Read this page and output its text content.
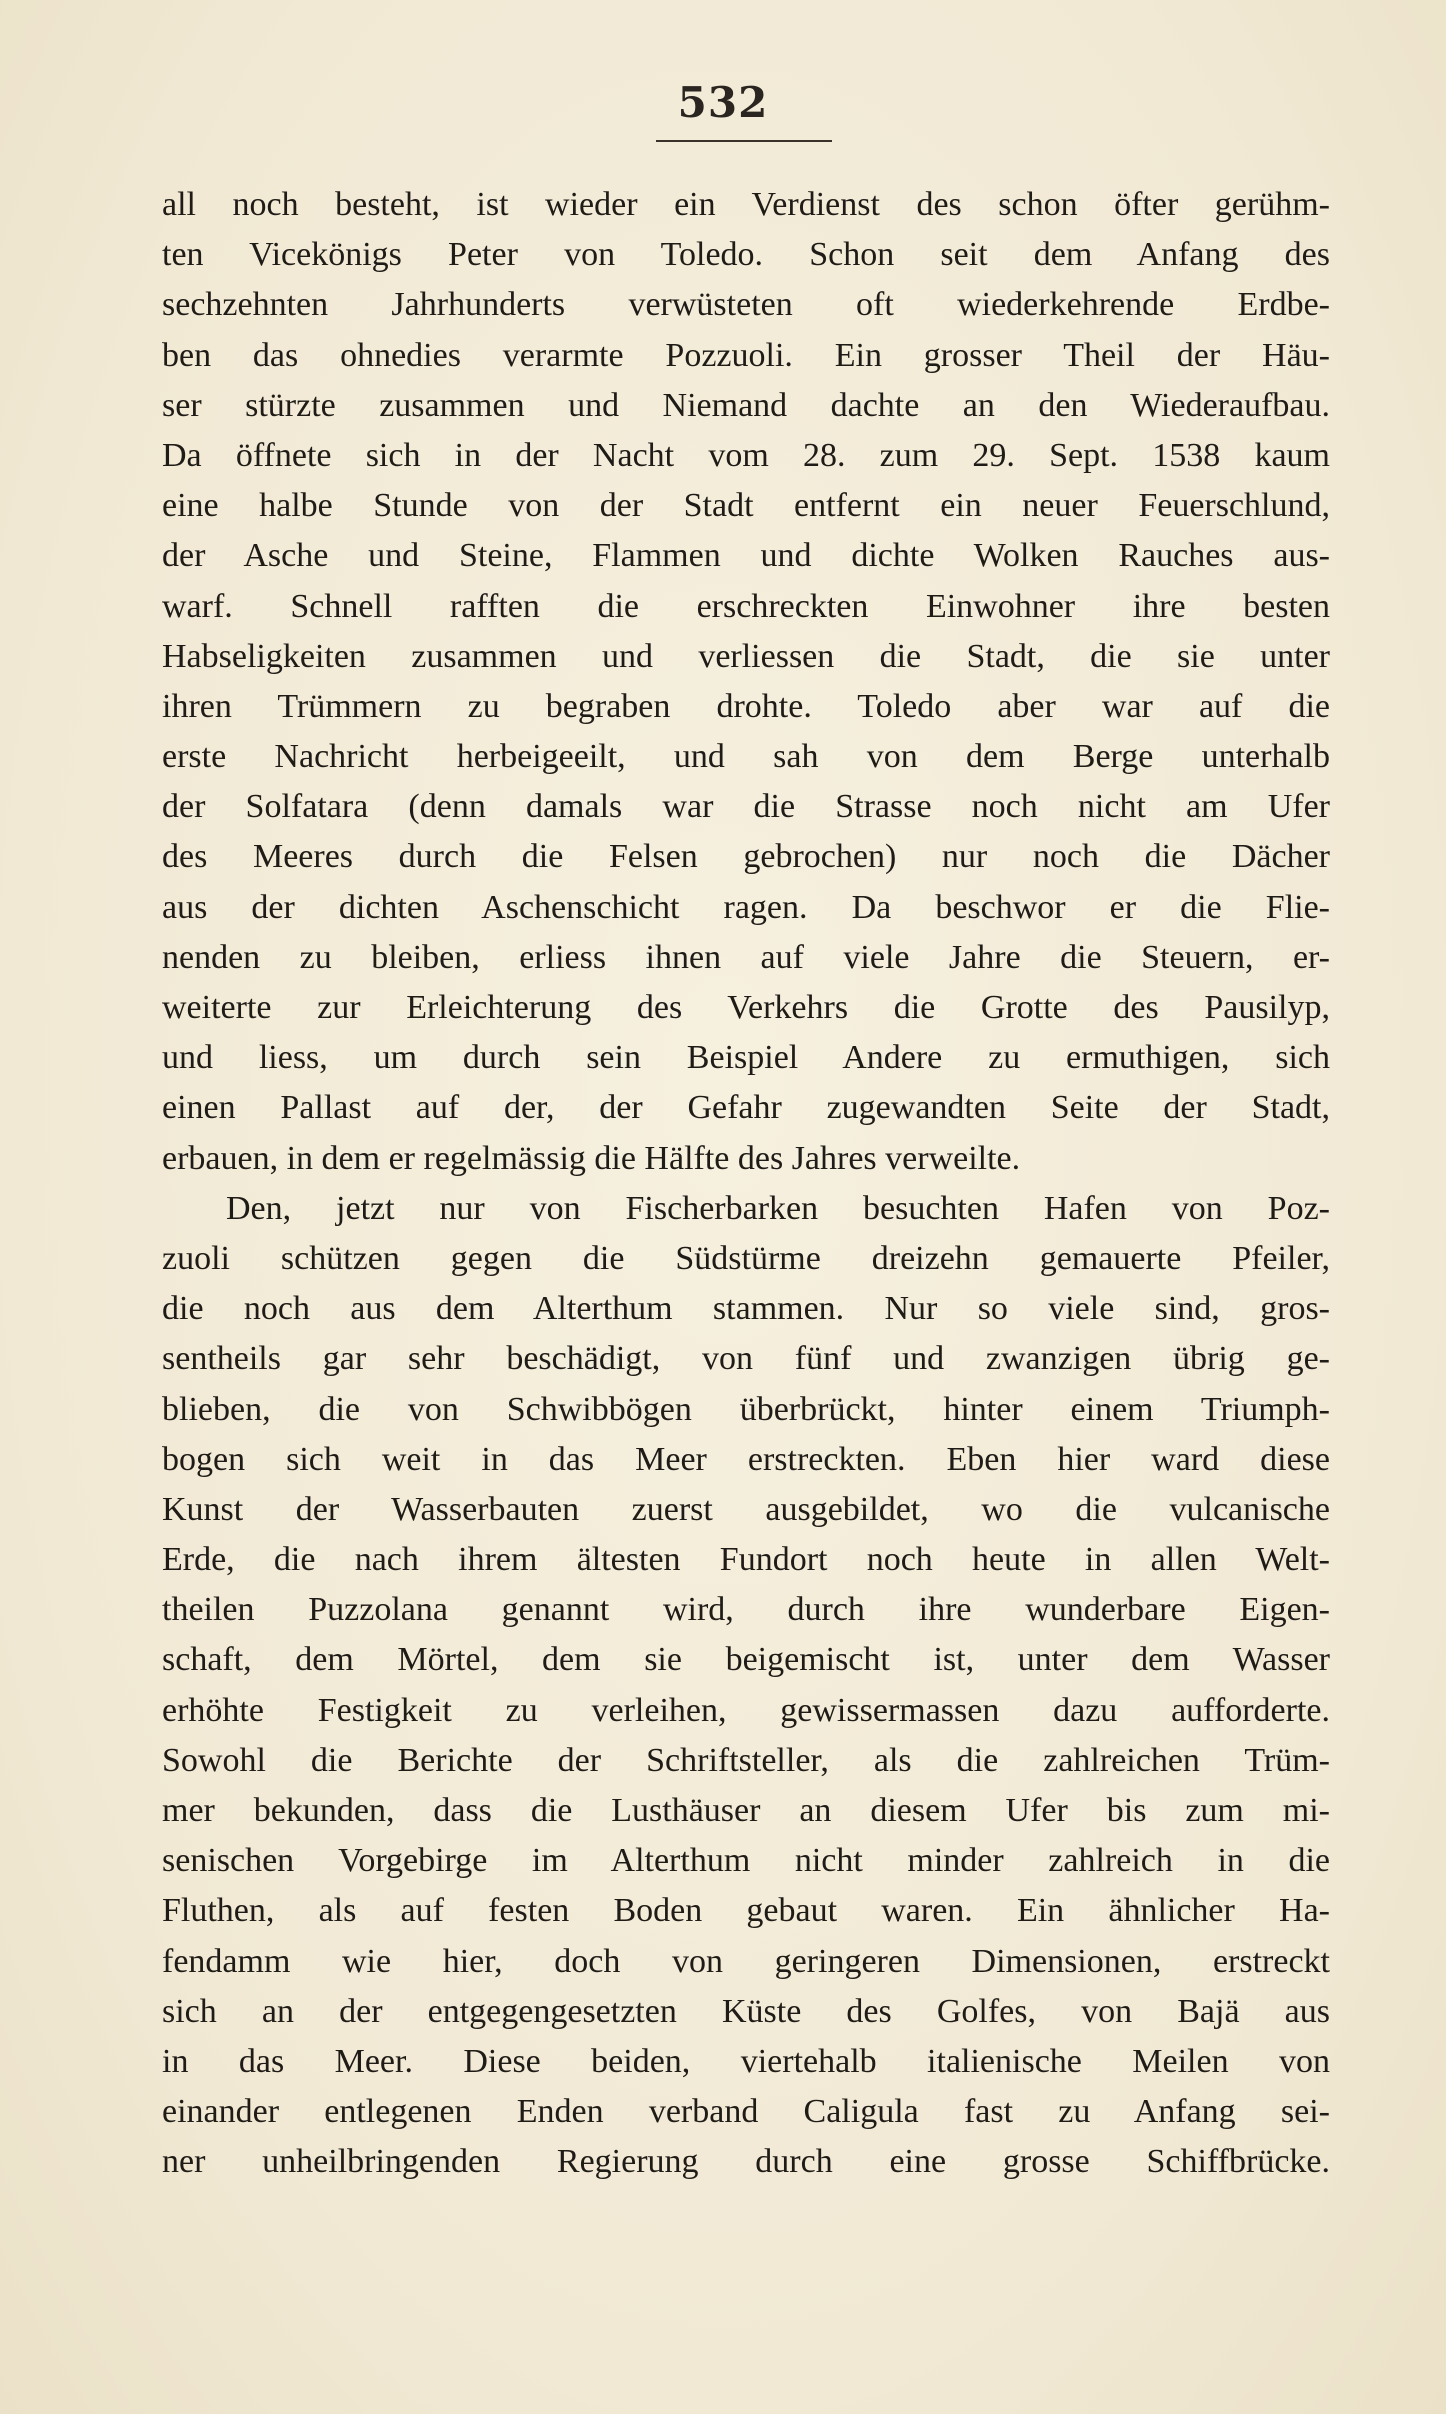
532
all noch besteht, ist wieder ein Verdienst des schon öfter gerühm-
ten Vicekönigs Peter von Toledo. Schon seit dem Anfang des
sechzehnten Jahrhunderts verwüsteten oft wiederkehrende Erdbe-
ben das ohnedies verarmte Pozzuoli. Ein grosser Theil der Häu-
ser stürzte zusammen und Niemand dachte an den Wiederaufbau.
Da öffnete sich in der Nacht vom 28. zum 29. Sept. 1538 kaum
eine halbe Stunde von der Stadt entfernt ein neuer Feuerschlund,
der Asche und Steine, Flammen und dichte Wolken Rauches aus-
warf. Schnell rafften die erschreckten Einwohner ihre besten
Habseligkeiten zusammen und verliessen die Stadt, die sie unter
ihren Trümmern zu begraben drohte. Toledo aber war auf die
erste Nachricht herbeigeeilt, und sah von dem Berge unterhalb
der Solfatara (denn damals war die Strasse noch nicht am Ufer
des Meeres durch die Felsen gebrochen) nur noch die Dächer
aus der dichten Aschenschicht ragen. Da beschwor er die Flie-
nenden zu bleiben, erliess ihnen auf viele Jahre die Steuern, er-
weiterte zur Erleichterung des Verkehrs die Grotte des Pausilyp,
und liess, um durch sein Beispiel Andere zu ermuthigen, sich
einen Pallast auf der, der Gefahr zugewandten Seite der Stadt,
erbauen, in dem er regelmässig die Hälfte des Jahres verweilte.
Den, jetzt nur von Fischerbarken besuchten Hafen von Poz-
zuoli schützen gegen die Südstürme dreizehn gemauerte Pfeiler,
die noch aus dem Alterthum stammen. Nur so viele sind, gros-
sentheils gar sehr beschädigt, von fünf und zwanzigen übrig ge-
blieben, die von Schwibbögen überbrückt, hinter einem Triumph-
bogen sich weit in das Meer erstreckten. Eben hier ward diese
Kunst der Wasserbauten zuerst ausgebildet, wo die vulcanische
Erde, die nach ihrem ältesten Fundort noch heute in allen Welt-
theilen Puzzolana genannt wird, durch ihre wunderbare Eigen-
schaft, dem Mörtel, dem sie beigemischt ist, unter dem Wasser
erhöhte Festigkeit zu verleihen, gewissermassen dazu aufforderte.
Sowohl die Berichte der Schriftsteller, als die zahlreichen Trüm-
mer bekunden, dass die Lusthäuser an diesem Ufer bis zum mi-
senischen Vorgebirge im Alterthum nicht minder zahlreich in die
Fluthen, als auf festen Boden gebaut waren. Ein ähnlicher Ha-
fendamm wie hier, doch von geringeren Dimensionen, erstreckt
sich an der entgegengesetzten Küste des Golfes, von Bajä aus
in das Meer. Diese beiden, viertehalb italienische Meilen von
einander entlegenen Enden verband Caligula fast zu Anfang sei-
ner unheilbringenden Regierung durch eine grosse Schiffbrücke.
